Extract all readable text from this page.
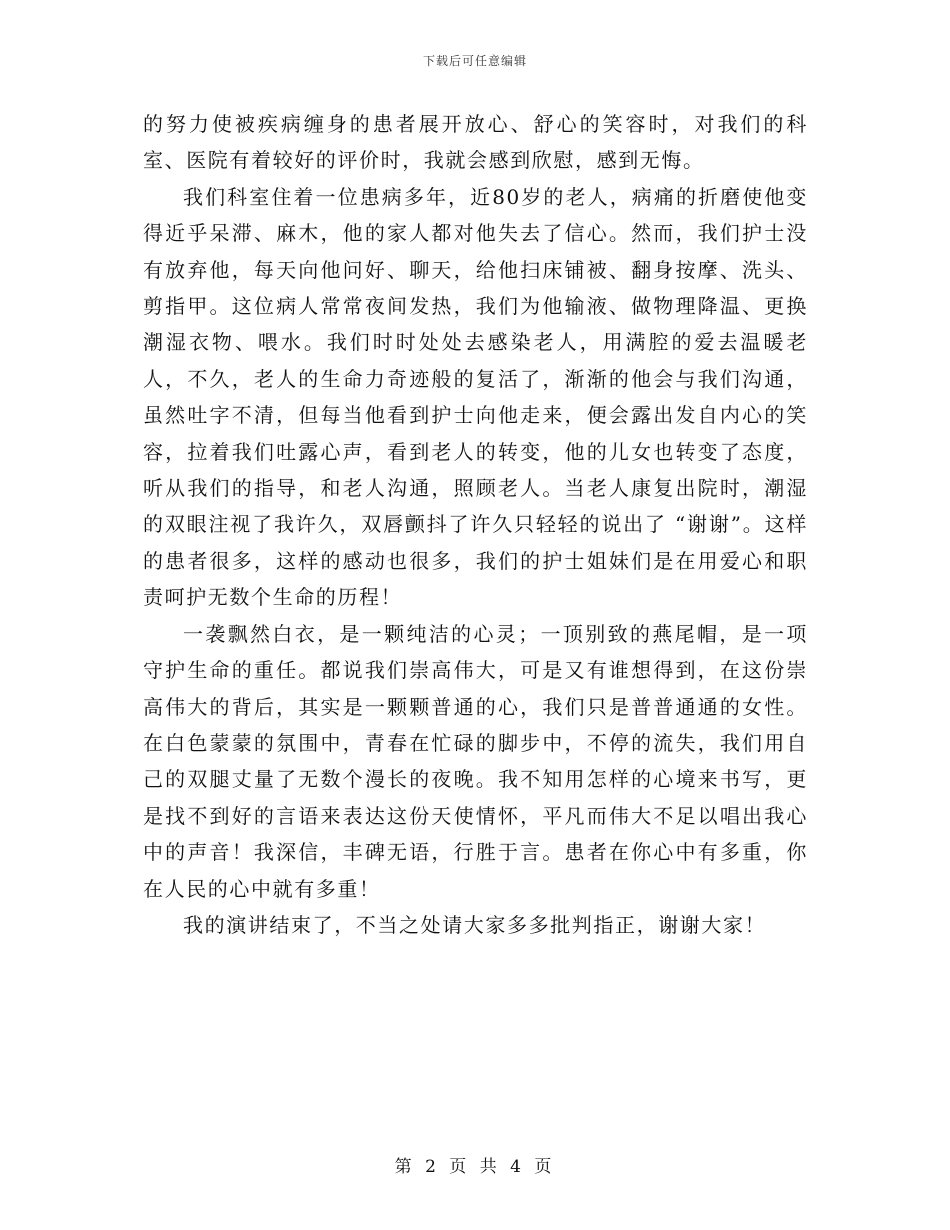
下载后可任意编辑

的努力使被疾病缠身的患者展开放心、舒心的笑容时，对我们的科室、医院有着较好的评价时，我就会感到欣慰，感到无悔。

我们科室住着一位患病多年，近80岁的老人，病痛的折磨使他变得近乎呆滞、麻木，他的家人都对他失去了信心。然而，我们护士没有放弃他，每天向他问好、聊天，给他扫床铺被、翻身按摩、洗头、剪指甲。这位病人常常夜间发热，我们为他输液、做物理降温、更换潮湿衣物、喂水。我们时时处处去感染老人，用满腔的爱去温暖老人，不久，老人的生命力奇迹般的复活了，渐渐的他会与我们沟通，虽然吐字不清，但每当他看到护士向他走来，便会露出发自内心的笑容，拉着我们吐露心声，看到老人的转变，他的儿女也转变了态度，听从我们的指导，和老人沟通，照顾老人。当老人康复出院时，潮湿的双眼注视了我许久，双唇颤抖了许久只轻轻的说出了 “谢谢”。这样的患者很多，这样的感动也很多，我们的护士姐妹们是在用爱心和职责呵护无数个生命的历程！

一袭飘然白衣，是一颗纯洁的心灵；一顶别致的燕尾帽，是一项守护生命的重任。都说我们崇高伟大，可是又有谁想得到，在这份崇高伟大的背后，其实是一颗颗普通的心，我们只是普普通通的女性。在白色蒙蒙的氛围中，青春在忙碌的脚步中，不停的流失，我们用自己的双腿丈量了无数个漫长的夜晚。我不知用怎样的心境来书写，更是找不到好的言语来表达这份天使情怀，平凡而伟大不足以唱出我心中的声音！我深信，丰碑无语，行胜于言。患者在你心中有多重，你在人民的心中就有多重！

我的演讲结束了，不当之处请大家多多批判指正，谢谢大家！

第 2 页 共 4 页
